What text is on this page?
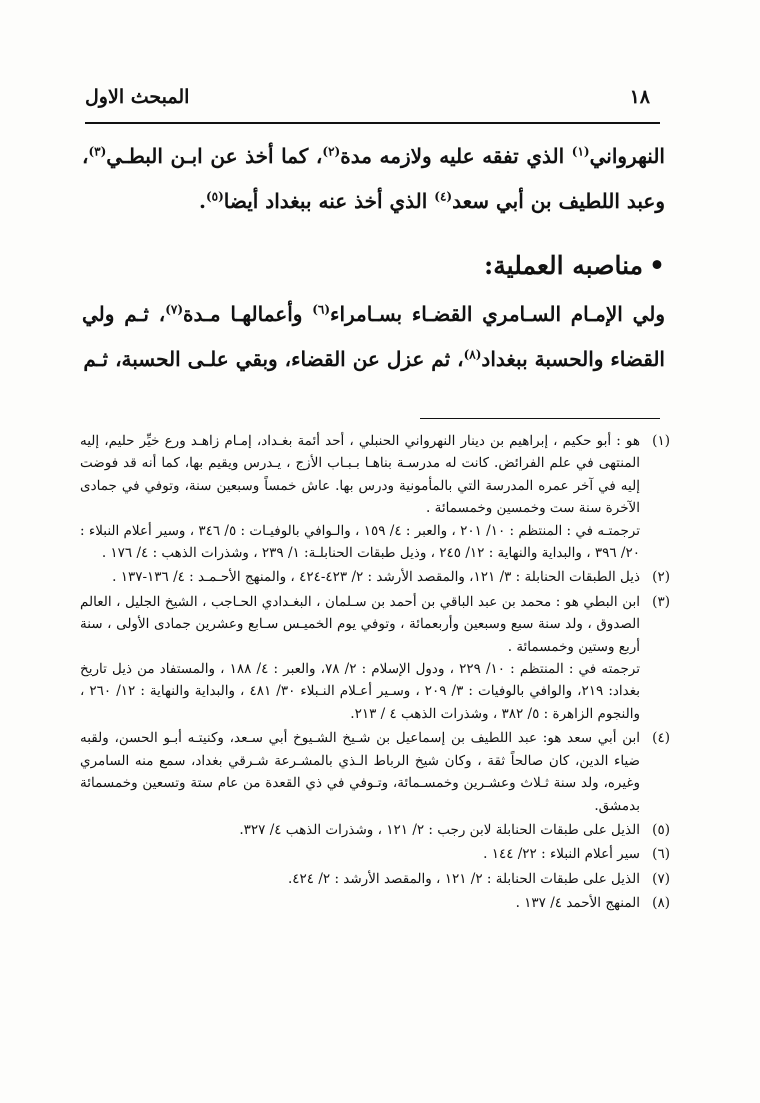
١٨
المبحث الاول

النهرواني$^{(١)}$ الذي تفقه عليه ولازمه مدة$^{(٢)}$، كما أخذ عن ابـن البطـي$^{(٣)}$، وعبد اللطيف بن أبي سعد$^{(٤)}$ الذي أخذ عنه ببغداد أيضا$^{(٥)}$.

•مناصبه العملية:

ولي الإمـام السـامري القضـاء بسـامراء$^{(٦)}$ وأعمالهـا مـدة$^{(٧)}$، ثـم ولي القضاء والحسبة ببغداد$^{(٨)}$، ثم عزل عن القضاء، وبقي علـى الحسبة، ثـم

(١)
هو : أبو حكيم ، إبراهيم بن دينار النهرواني الحنبلي ، أحد أئمة بغـداد، إمـام زاهـد ورع خيِّر حليم، إليه المنتهى في علم الفرائض. كانت له مدرسـة بناهـا بـبـاب الأزج ، يـدرس ويقيم بها، كما أنه قد فوضت إليه في آخر عمره المدرسة التي بالمأمونية ودرس بها. عاش خمساً وسبعين سنة، وتوفي في جمادى الآخرة سنة ست وخمسين وخمسمائة .
ترجمتـه في : المنتظم : ١٠/ ٢٠١ ، والعبر : ٤/ ١٥٩ ، والـوافي بالوفيـات : ٥/ ٣٤٦ ، وسير أعلام النبلاء : ٢٠/ ٣٩٦ ، والبداية والنهاية : ١٢/ ٢٤٥ ، وذيل طبقات الحنابلـة: ١/ ٢٣٩ ، وشذرات الذهب : ٤/ ١٧٦ .
(٢)
ذيل الطبقات الحنابلة : ٣/ ١٢١، والمقصد الأرشد : ٢/ ٤٢٣-٤٢٤ ، والمنهج الأحـمـد : ٤/ ١٣٦-١٣٧ .
(٣)
ابن البطي هو : محمد بن عبد الباقي بن أحمد بن سـلمان ، البغـدادي الحـاجب ، الشيخ الجليل ، العالم الصدوق ، ولد سنة سبع وسبعين وأربعمائة ، وتوفي يوم الخميـس سـابع وعشرين جمادى الأولى ، سنة أربع وستين وخمسمائة .
ترجمته في : المنتظم : ١٠/ ٢٢٩ ، ودول الإسلام : ٢/ ٧٨، والعبر : ٤/ ١٨٨ ، والمستفاد من ذيل تاريخ بغداد: ٢١٩، والوافي بالوفيات : ٣/ ٢٠٩ ، وسـير أعـلام النـبلاء ٣٠/ ٤٨١ ، والبداية والنهاية : ١٢/ ٢٦٠ ، والنجوم الزاهرة : ٥/ ٣٨٢ ، وشذرات الذهب ٤ / ٢١٣.
(٤)
ابن أبي سعد هو: عبد اللطيف بن إسماعيل بن شـيخ الشـيوخ أبي سـعد، وكنيتـه أبـو الحسن، ولقبه ضياء الدين، كان صالحاً ثقة ، وكان شيخ الرباط الـذي بالمشـرعة شـرقي بغداد، سمع منه السامري وغيره، ولد سنة ثـلاث وعشـرين وخمسـمائة، وتـوفي في ذي القعدة من عام ستة وتسعين وخمسمائة بدمشق.
(٥)
الذيل على طبقات الحنابلة لابن رجب : ٢/ ١٢١ ، وشذرات الذهب ٤/ ٣٢٧.
(٦)
سير أعلام النبلاء : ٢٢/ ١٤٤ .
(٧)
الذيل على طبقات الحنابلة : ٢/ ١٢١ ، والمقصد الأرشد : ٢/ ٤٢٤.
(٨)
المنهج الأحمد ٤/ ١٣٧ .
